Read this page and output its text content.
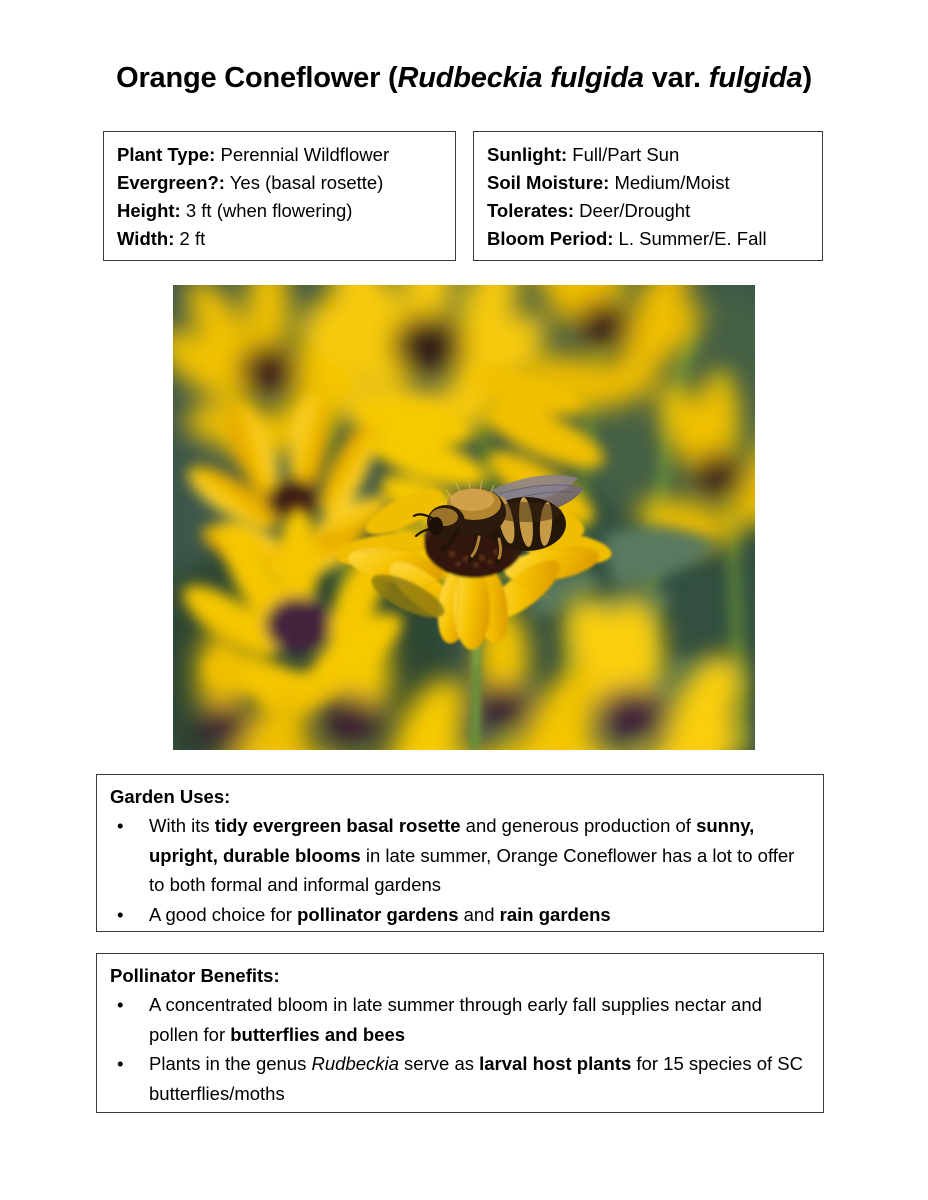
Orange Coneflower (Rudbeckia fulgida var. fulgida)
Plant Type: Perennial Wildflower
Evergreen?: Yes (basal rosette)
Height: 3 ft (when flowering)
Width: 2 ft
Sunlight: Full/Part Sun
Soil Moisture: Medium/Moist
Tolerates: Deer/Drought
Bloom Period: L. Summer/E. Fall
Garden Uses:
• With its tidy evergreen basal rosette and generous production of sunny, upright, durable blooms in late summer, Orange Coneflower has a lot to offer to both formal and informal gardens
• A good choice for pollinator gardens and rain gardens
Pollinator Benefits:
• A concentrated bloom in late summer through early fall supplies nectar and pollen for butterflies and bees
• Plants in the genus Rudbeckia serve as larval host plants for 15 species of SC butterflies/moths
